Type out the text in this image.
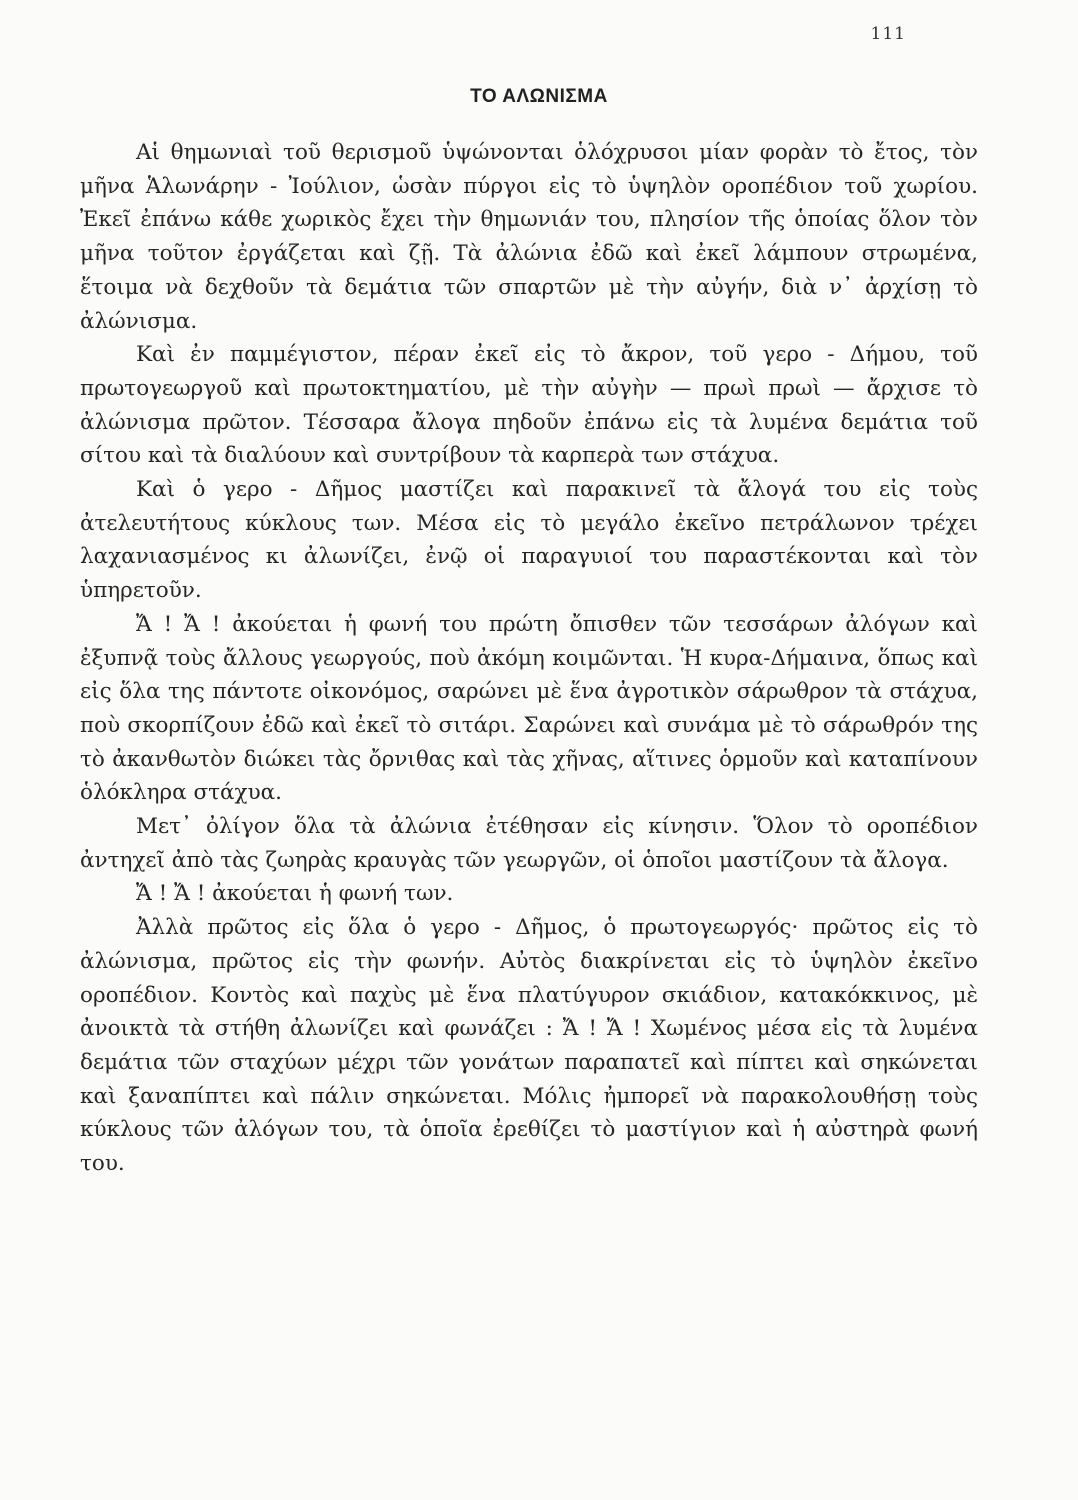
111
ΤΟ ΑΛΩΝΙΣΜΑ

Αἱ θημωνιαὶ τοῦ θερισμοῦ ὑψώνονται ὁλόχρυσοι μίαν φορὰν τὸ ἔτος, τὸν μῆνα Ἁλωνάρην - Ἰούλιον, ὡσὰν πύργοι εἰς τὸ ὑψηλὸν οροπέδιον τοῦ χωρίου. Ἐκεῖ ἐπάνω κάθε χωρικὸς ἔχει τὴν θημωνιάν του, πλησίον τῆς ὁποίας ὅλον τὸν μῆνα τοῦτον ἐργάζεται καὶ ζῇ. Τὰ ἀλώνια ἐδῶ καὶ ἐκεῖ λάμπουν στρωμένα, ἕτοιμα νὰ δεχθοῦν τὰ δεμάτια τῶν σπαρτῶν μὲ τὴν αὐγήν, διὰ ν᾽ ἀρχίσῃ τὸ ἀλώνισμα.

Καὶ ἐν παμμέγιστον, πέραν ἐκεῖ εἰς τὸ ἄκρον, τοῦ γερο - Δήμου, τοῦ πρωτογεωργοῦ καὶ πρωτοκτηματίου, μὲ τὴν αὐγὴν — πρωὶ πρωὶ — ἄρχισε τὸ ἀλώνισμα πρῶτον. Τέσσαρα ἄλογα πηδοῦν ἐπάνω εἰς τὰ λυμένα δεμάτια τοῦ σίτου καὶ τὰ διαλύουν καὶ συντρίβουν τὰ καρπερὰ των στάχυα.

Καὶ ὁ γερο - Δῆμος μαστίζει καὶ παρακινεῖ τὰ ἄλογά του εἰς τοὺς ἀτελευτήτους κύκλους των. Μέσα εἰς τὸ μεγάλο ἐκεῖνο πετράλωνον τρέχει λαχανιασμένος κι ἀλωνίζει, ἐνῷ οἱ παραγυιοί του παραστέκονται καὶ τὸν ὑπηρετοῦν.

Ἄ ! Ἄ ! ἀκούεται ἡ φωνή του πρώτη ὄπισθεν τῶν τεσσάρων ἀλόγων καὶ ἐξυπνᾷ τοὺς ἄλλους γεωργούς, ποὺ ἀκόμη κοιμῶνται. Ἡ κυρα-Δήμαινα, ὅπως καὶ εἰς ὅλα της πάντοτε οἰκονόμος, σαρώνει μὲ ἕνα ἀγροτικὸν σάρωθρον τὰ στάχυα, ποὺ σκορπίζουν ἐδῶ καὶ ἐκεῖ τὸ σιτάρι. Σαρώνει καὶ συνάμα μὲ τὸ σάρωθρόν της τὸ ἀκανθωτὸν διώκει τὰς ὄρνιθας καὶ τὰς χῆνας, αἵτινες ὁρμοῦν καὶ καταπίνουν ὁλόκληρα στάχυα.

Μετ᾽ ὀλίγον ὅλα τὰ ἀλώνια ἐτέθησαν εἰς κίνησιν. Ὅλον τὸ οροπέδιον ἀντηχεῖ ἀπὸ τὰς ζωηρὰς κραυγὰς τῶν γεωργῶν, οἱ ὁποῖοι μαστίζουν τὰ ἄλογα.

Ἄ ! Ἄ ! ἀκούεται ἡ φωνή των.

Ἀλλὰ πρῶτος εἰς ὅλα ὁ γερο - Δῆμος, ὁ πρωτογεωργός· πρῶτος εἰς τὸ ἀλώνισμα, πρῶτος εἰς τὴν φωνήν. Αὐτὸς διακρίνεται εἰς τὸ ὑψηλὸν ἐκεῖνο οροπέδιον. Κοντὸς καὶ παχὺς μὲ ἕνα πλατύγυρον σκιάδιον, κατακόκκινος, μὲ ἀνοικτὰ τὰ στήθη ἀλωνίζει καὶ φωνάζει : Ἄ ! Ἄ ! Χωμένος μέσα εἰς τὰ λυμένα δεμάτια τῶν σταχύων μέχρι τῶν γονάτων παραπατεῖ καὶ πίπτει καὶ σηκώνεται καὶ ξαναπίπτει καὶ πάλιν σηκώνεται. Μόλις ἠμπορεῖ νὰ παρακολουθήσῃ τοὺς κύκλους τῶν ἀλόγων του, τὰ ὁποῖα ἐρεθίζει τὸ μαστίγιον καὶ ἡ αὐστηρὰ φωνή του.
